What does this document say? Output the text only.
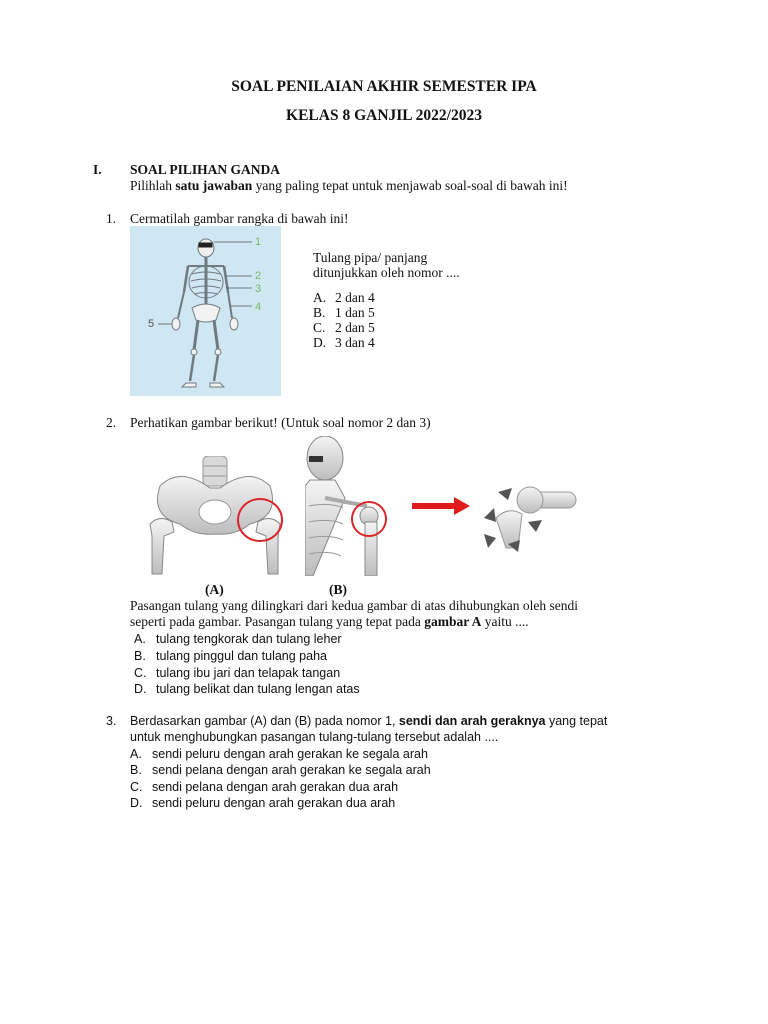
SOAL PENILAIAN AKHIR SEMESTER IPA
KELAS 8 GANJIL 2022/2023
I. SOAL PILIHAN GANDA
Pilihlah satu jawaban yang paling tepat untuk menjawab soal-soal di bawah ini!
1. Cermatilah gambar rangka di bawah ini!
1
2
3
4
5
Tulang pipa/ panjang
ditunjukkan oleh nomor ....
A. 2 dan 4
B. 1 dan 5
C. 2 dan 5
D. 3 dan 4
2. Perhatikan gambar berikut! (Untuk soal nomor 2 dan 3)
(A)	(B)
Pasangan tulang yang dilingkari dari kedua gambar di atas dihubungkan oleh sendi
seperti pada gambar. Pasangan tulang yang tepat pada gambar A yaitu ....
A. tulang tengkorak dan tulang leher
B. tulang pinggul dan tulang paha
C. tulang ibu jari dan telapak tangan
D. tulang belikat dan tulang lengan atas
3. Berdasarkan gambar (A) dan (B) pada nomor 1, sendi dan arah geraknya yang tepat
untuk menghubungkan pasangan tulang-tulang tersebut adalah ....
A. sendi peluru dengan arah gerakan ke segala arah
B. sendi pelana dengan arah gerakan ke segala arah
C. sendi pelana dengan arah gerakan dua arah
D. sendi peluru dengan arah gerakan dua arah
